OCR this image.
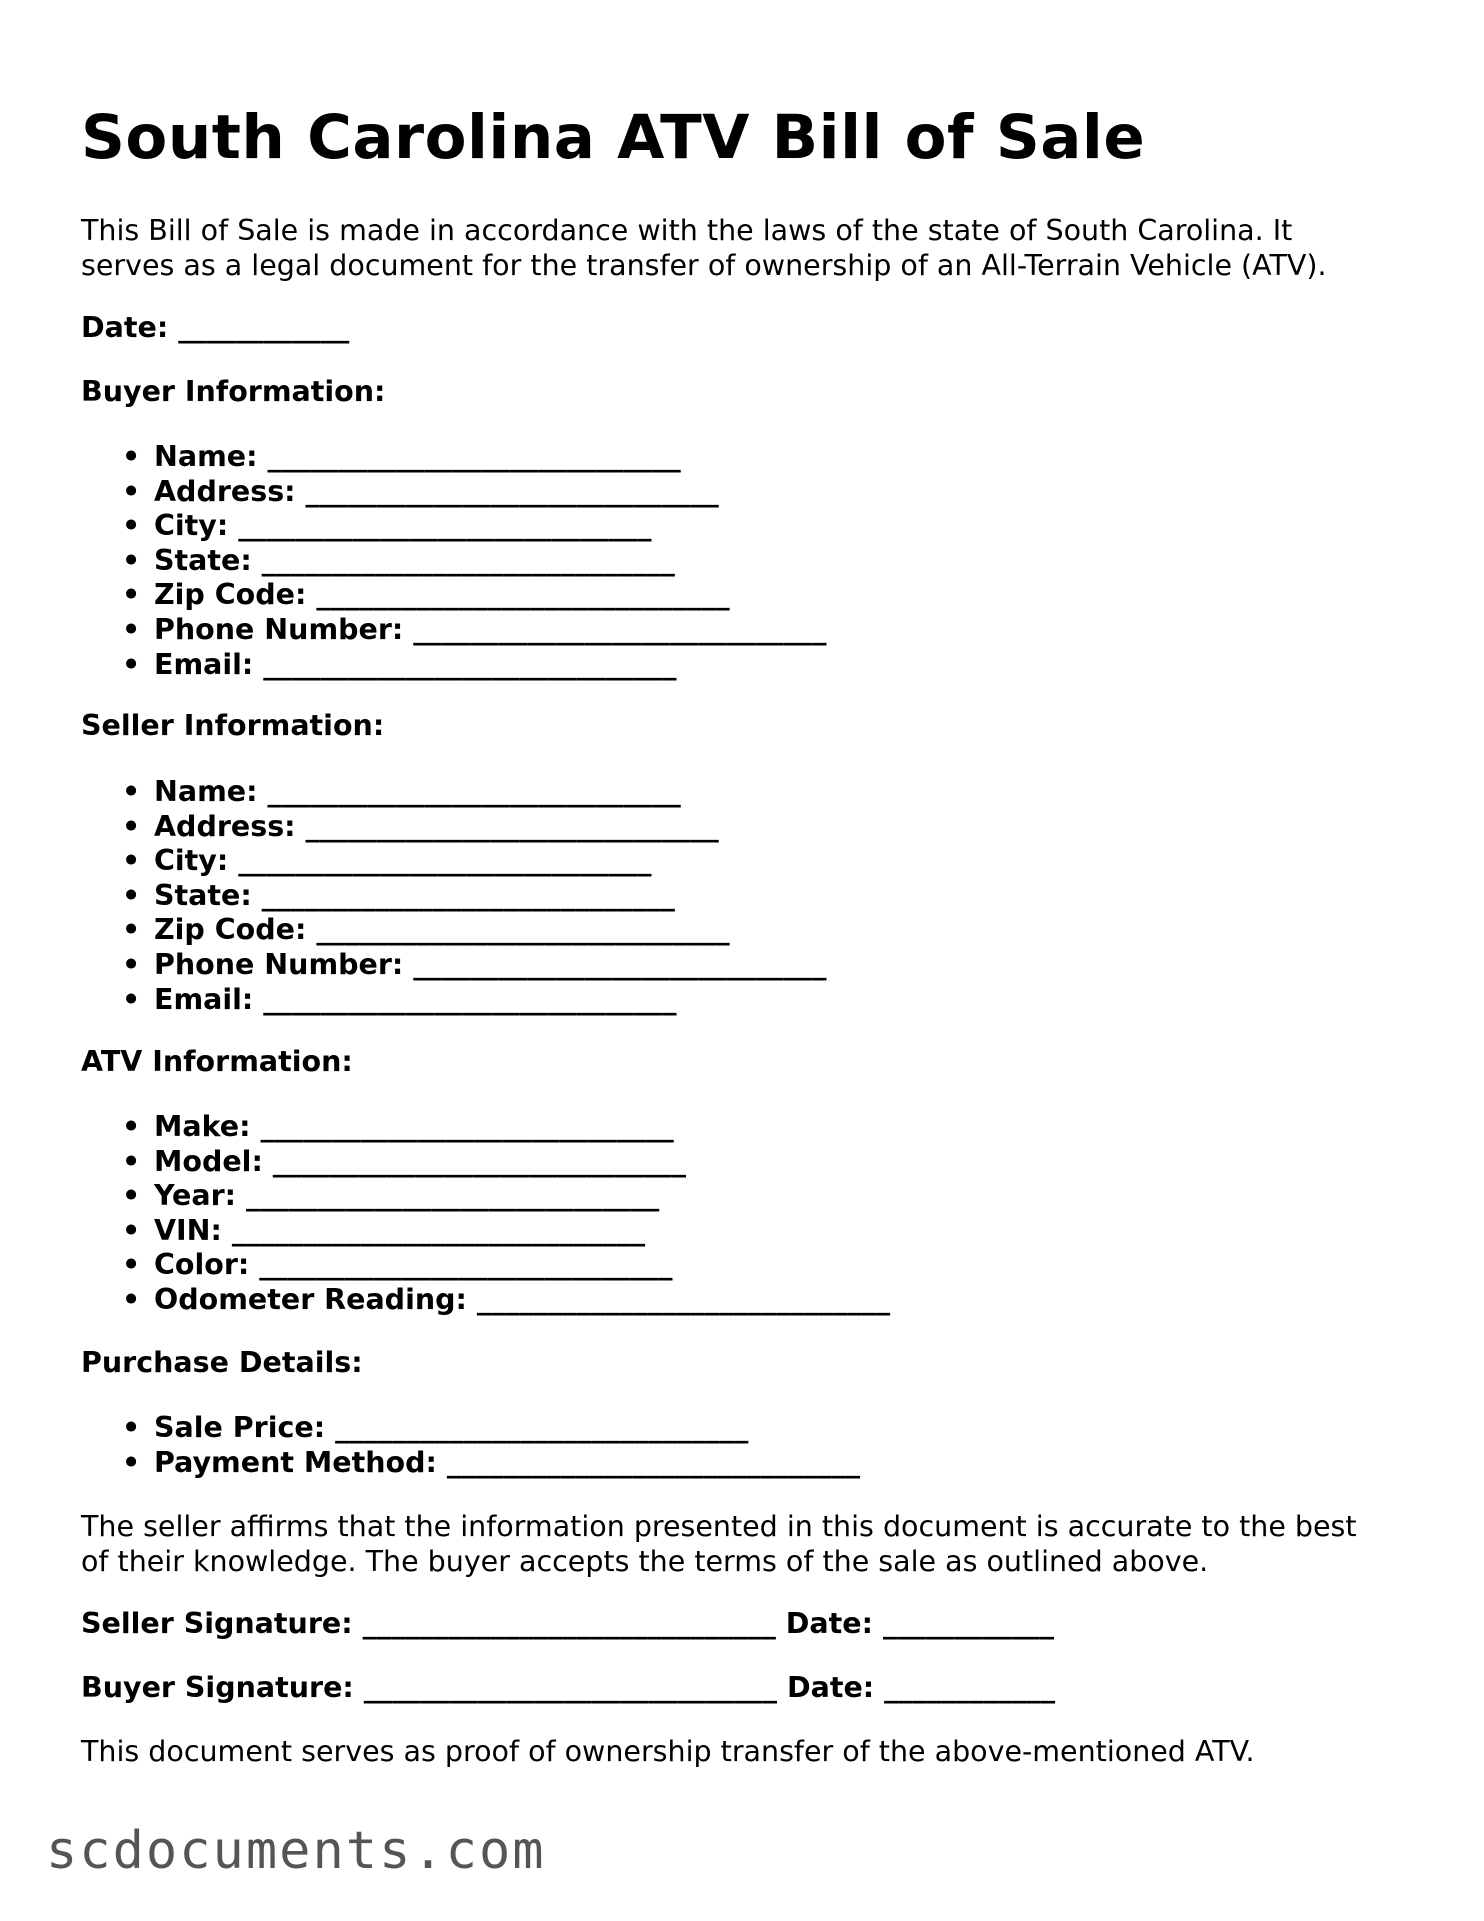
South Carolina ATV Bill of Sale

This Bill of Sale is made in accordance with the laws of the state of South Carolina. It
serves as a legal document for the transfer of ownership of an All-Terrain Vehicle (ATV).

Date: ____________

Buyer Information:

• Name: _____________________________
• Address: _____________________________
• City: _____________________________
• State: _____________________________
• Zip Code: _____________________________
• Phone Number: _____________________________
• Email: _____________________________

Seller Information:

• Name: _____________________________
• Address: _____________________________
• City: _____________________________
• State: _____________________________
• Zip Code: _____________________________
• Phone Number: _____________________________
• Email: _____________________________

ATV Information:

• Make: _____________________________
• Model: _____________________________
• Year: _____________________________
• VIN: _____________________________
• Color: _____________________________
• Odometer Reading: _____________________________

Purchase Details:

• Sale Price: _____________________________
• Payment Method: _____________________________

The seller affirms that the information presented in this document is accurate to the best
of their knowledge. The buyer accepts the terms of the sale as outlined above.

Seller Signature: _____________________________ Date: ____________

Buyer Signature: _____________________________ Date: ____________

This document serves as proof of ownership transfer of the above-mentioned ATV.

scdocuments.com
